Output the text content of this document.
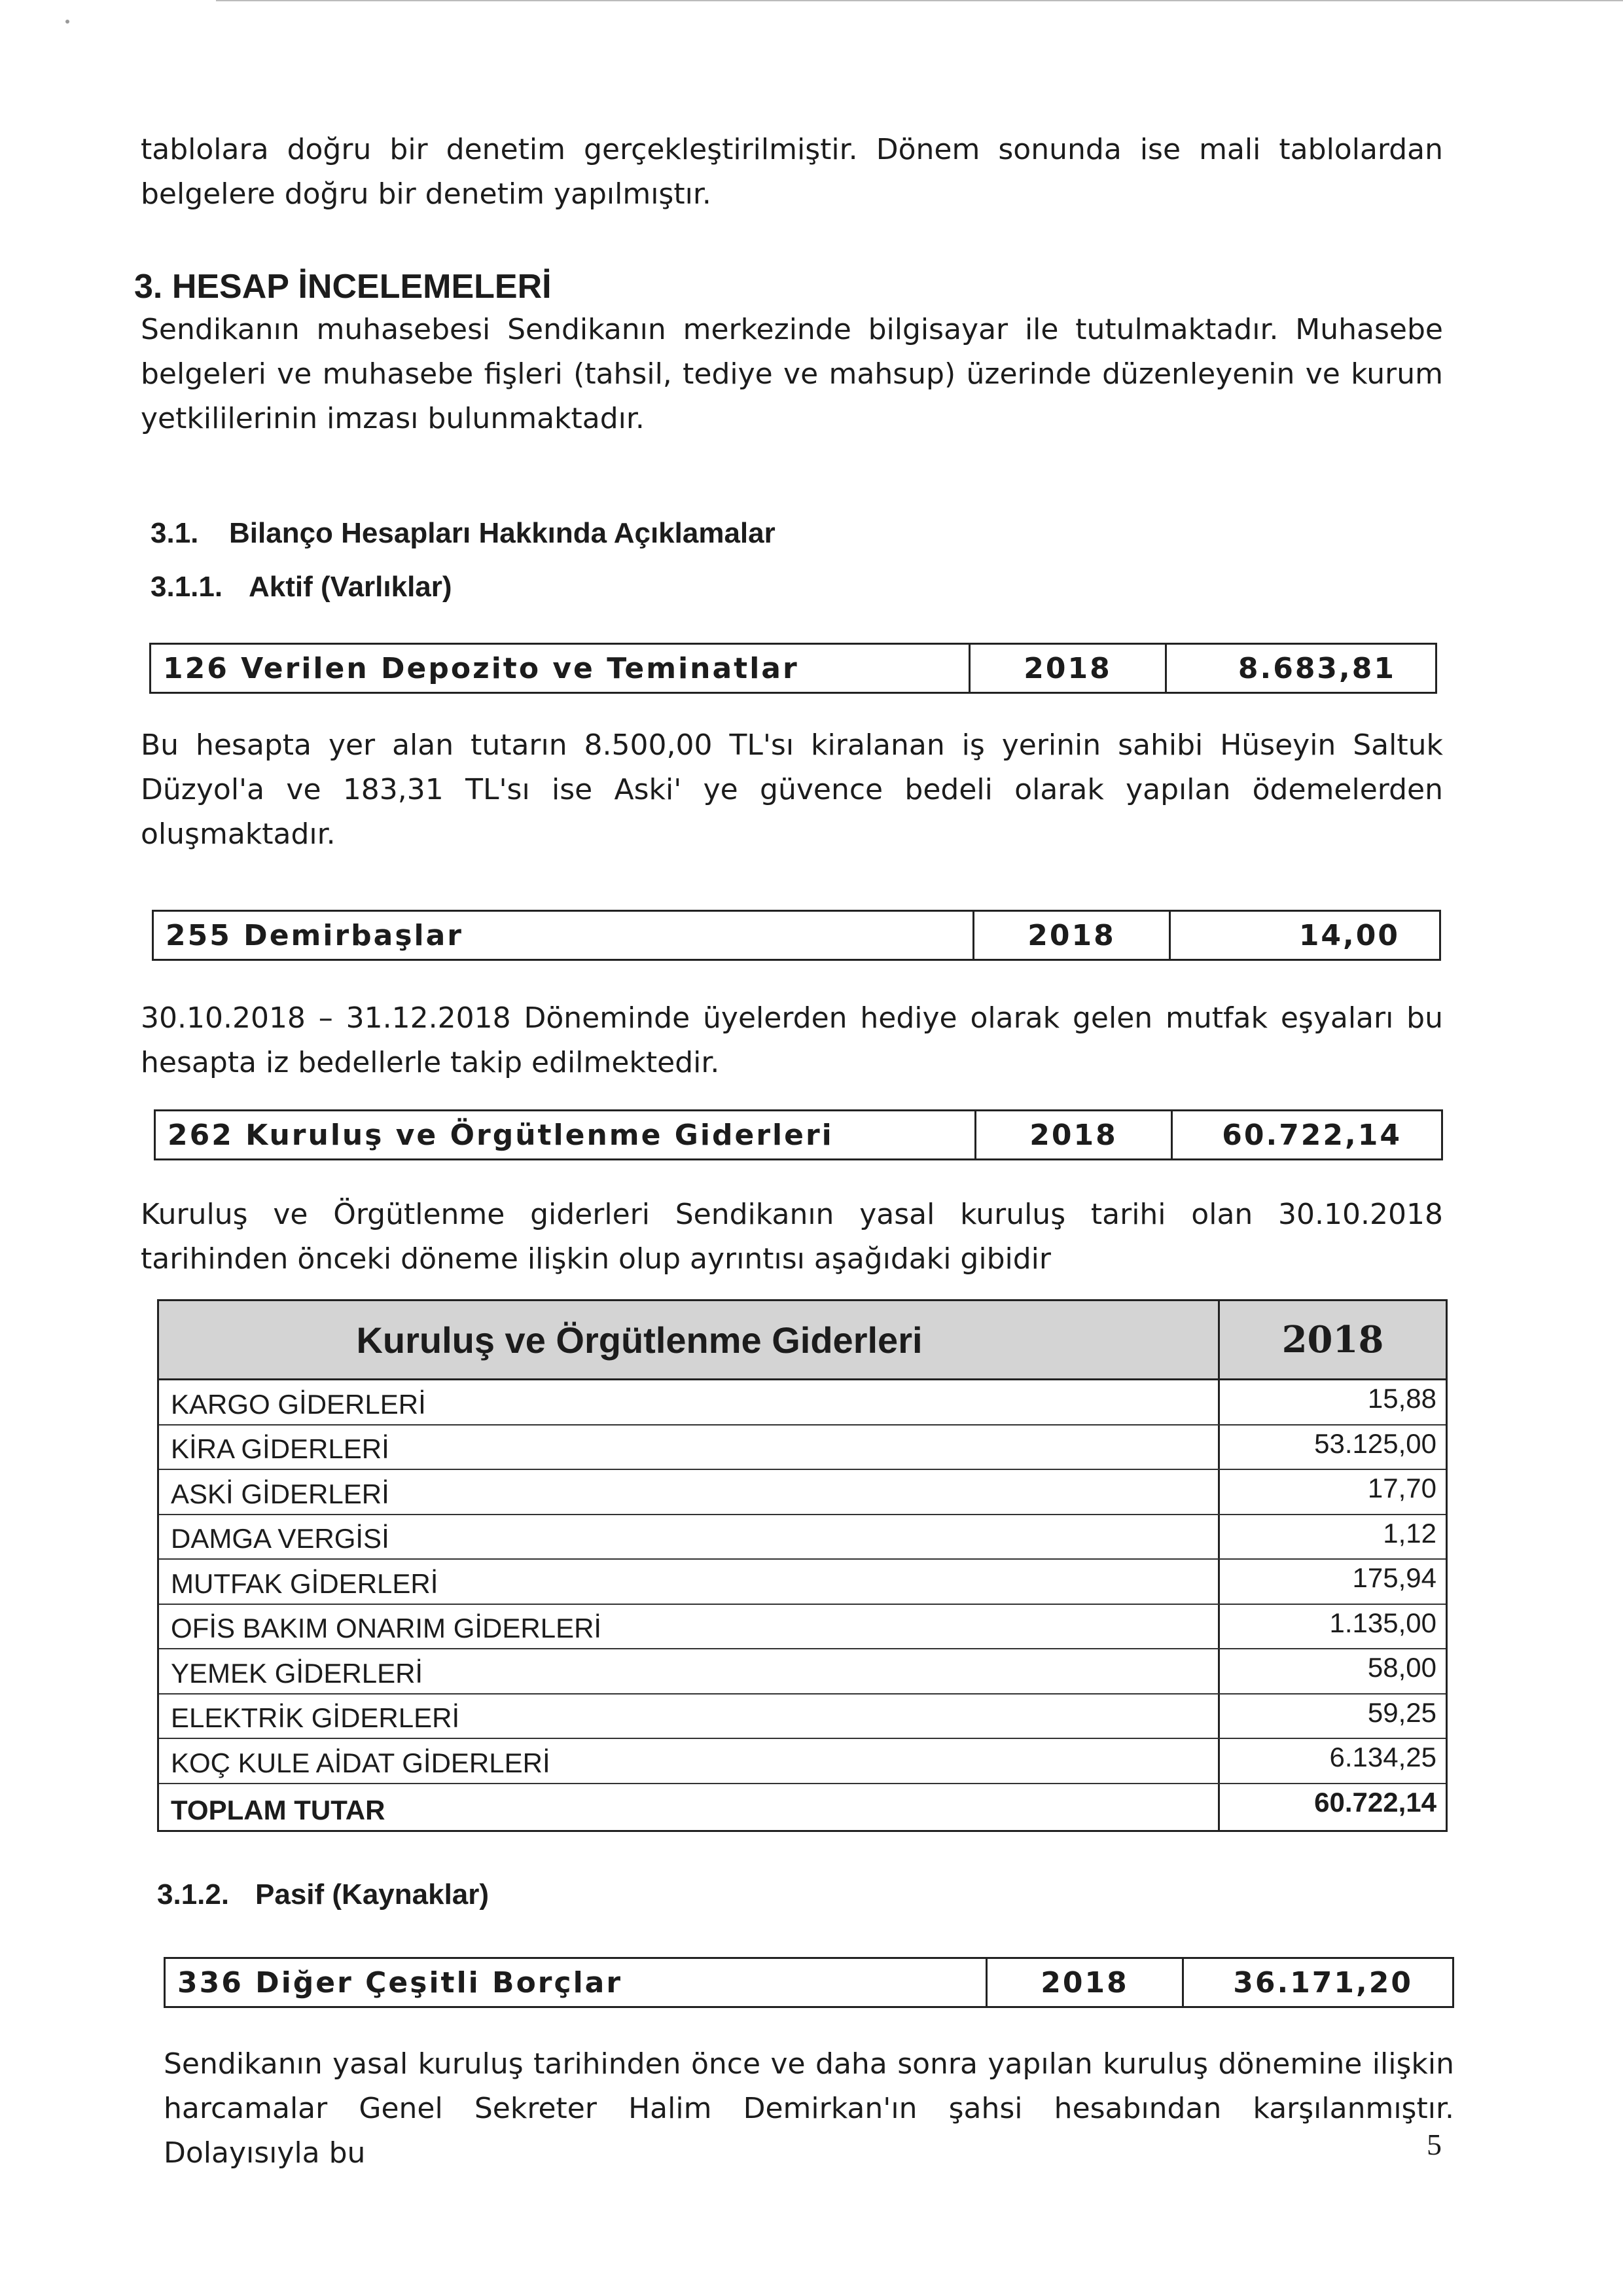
tablolara doğru bir denetim gerçekleştirilmiştir. Dönem sonunda ise mali tablolardan belgelere doğru bir denetim yapılmıştır.
3. HESAP İNCELEMELERİ
Sendikanın muhasebesi Sendikanın merkezinde bilgisayar ile tutulmaktadır. Muhasebe belgeleri ve muhasebe fişleri (tahsil, tediye ve mahsup) üzerinde düzenleyenin ve kurum yetkililerinin imzası bulunmaktadır.
3.1. Bilanço Hesapları Hakkında Açıklamalar
3.1.1. Aktif (Varlıklar)
126 Verilen Depozito ve Teminatlar	2018	8.683,81
Bu hesapta yer alan tutarın 8.500,00 TL'sı kiralanan iş yerinin sahibi Hüseyin Saltuk Düzyol'a ve 183,31 TL'sı ise Aski' ye güvence bedeli olarak yapılan ödemelerden oluşmaktadır.
255 Demirbaşlar	2018	14,00
30.10.2018 – 31.12.2018 Döneminde üyelerden hediye olarak gelen mutfak eşyaları bu hesapta iz bedellerle takip edilmektedir.
262 Kuruluş ve Örgütlenme Giderleri	2018	60.722,14
Kuruluş ve Örgütlenme giderleri Sendikanın yasal kuruluş tarihi olan 30.10.2018 tarihinden önceki döneme ilişkin olup ayrıntısı aşağıdaki gibidir
Kuruluş ve Örgütlenme Giderleri	2018
KARGO GİDERLERİ	15,88
KİRA GİDERLERİ	53.125,00
ASKİ GİDERLERİ	17,70
DAMGA VERGİSİ	1,12
MUTFAK GİDERLERİ	175,94
OFİS BAKIM ONARIM GİDERLERİ	1.135,00
YEMEK GİDERLERİ	58,00
ELEKTRİK GİDERLERİ	59,25
KOÇ KULE AİDAT GİDERLERİ	6.134,25
TOPLAM TUTAR	60.722,14
3.1.2. Pasif (Kaynaklar)
336 Diğer Çeşitli Borçlar	2018	36.171,20
Sendikanın yasal kuruluş tarihinden önce ve daha sonra yapılan kuruluş dönemine ilişkin harcamalar Genel Sekreter Halim Demirkan'ın şahsi hesabından karşılanmıştır. Dolayısıyla bu	5
